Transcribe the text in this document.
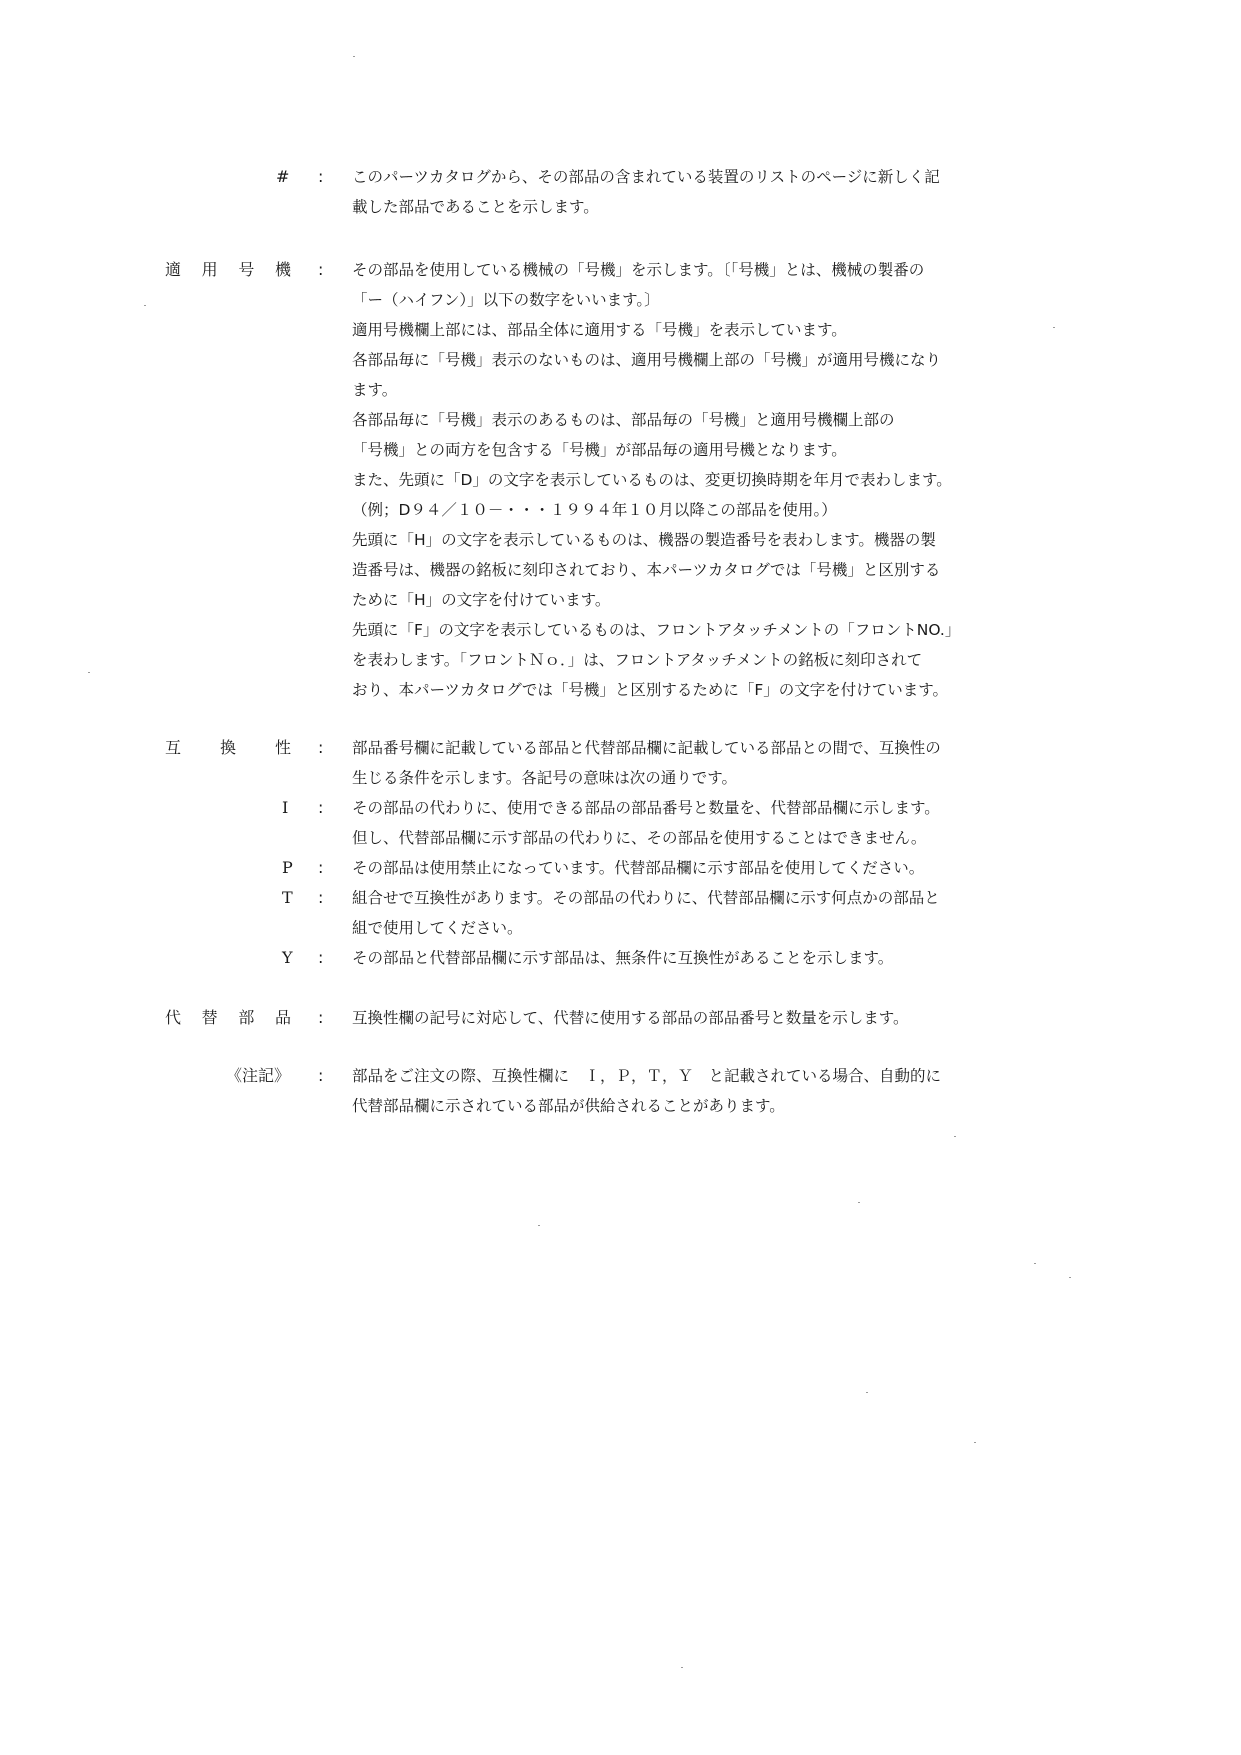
# : このパーツカタログから、その部品の含まれている装置のリストのページに新しく記
載した部品であることを示します。
適 用 号 機 : その部品を使用している機械の「号機」を示します。〔「号機」とは、機械の製番の
「ー（ハイフン）」以下の数字をいいます。〕
適用号機欄上部には、部品全体に適用する「号機」を表示しています。
各部品毎に「号機」表示のないものは、適用号機欄上部の「号機」が適用号機になり
ます。
各部品毎に「号機」表示のあるものは、部品毎の「号機」と適用号機欄上部の
「号機」との両方を包含する「号機」が部品毎の適用号機となります。
また、先頭に「D」の文字を表示しているものは、変更切換時期を年月で表わします。
（例；D９４／１０－・・・１９９４年１０月以降この部品を使用。）
先頭に「H」の文字を表示しているものは、機器の製造番号を表わします。機器の製
造番号は、機器の銘板に刻印されており、本パーツカタログでは「号機」と区別する
ために「H」の文字を付けています。
先頭に「F」の文字を表示しているものは、フロントアタッチメントの「フロントNO.」
を表わします。「フロントＮｏ．」は、フロントアタッチメントの銘板に刻印されて
おり、本パーツカタログでは「号機」と区別するために「F」の文字を付けています。
互 換 性 : 部品番号欄に記載している部品と代替部品欄に記載している部品との間で、互換性の
生じる条件を示します。各記号の意味は次の通りです。
I : その部品の代わりに、使用できる部品の部品番号と数量を、代替部品欄に示します。
但し、代替部品欄に示す部品の代わりに、その部品を使用することはできません。
P : その部品は使用禁止になっています。代替部品欄に示す部品を使用してください。
T : 組合せで互換性があります。その部品の代わりに、代替部品欄に示す何点かの部品と
組で使用してください。
Y : その部品と代替部品欄に示す部品は、無条件に互換性があることを示します。
代 替 部 品 : 互換性欄の記号に対応して、代替に使用する部品の部品番号と数量を示します。
《注記》 : 部品をご注文の際、互換性欄に　Ｉ，Ｐ，Ｔ，Ｙ　と記載されている場合、自動的に
代替部品欄に示されている部品が供給されることがあります。
